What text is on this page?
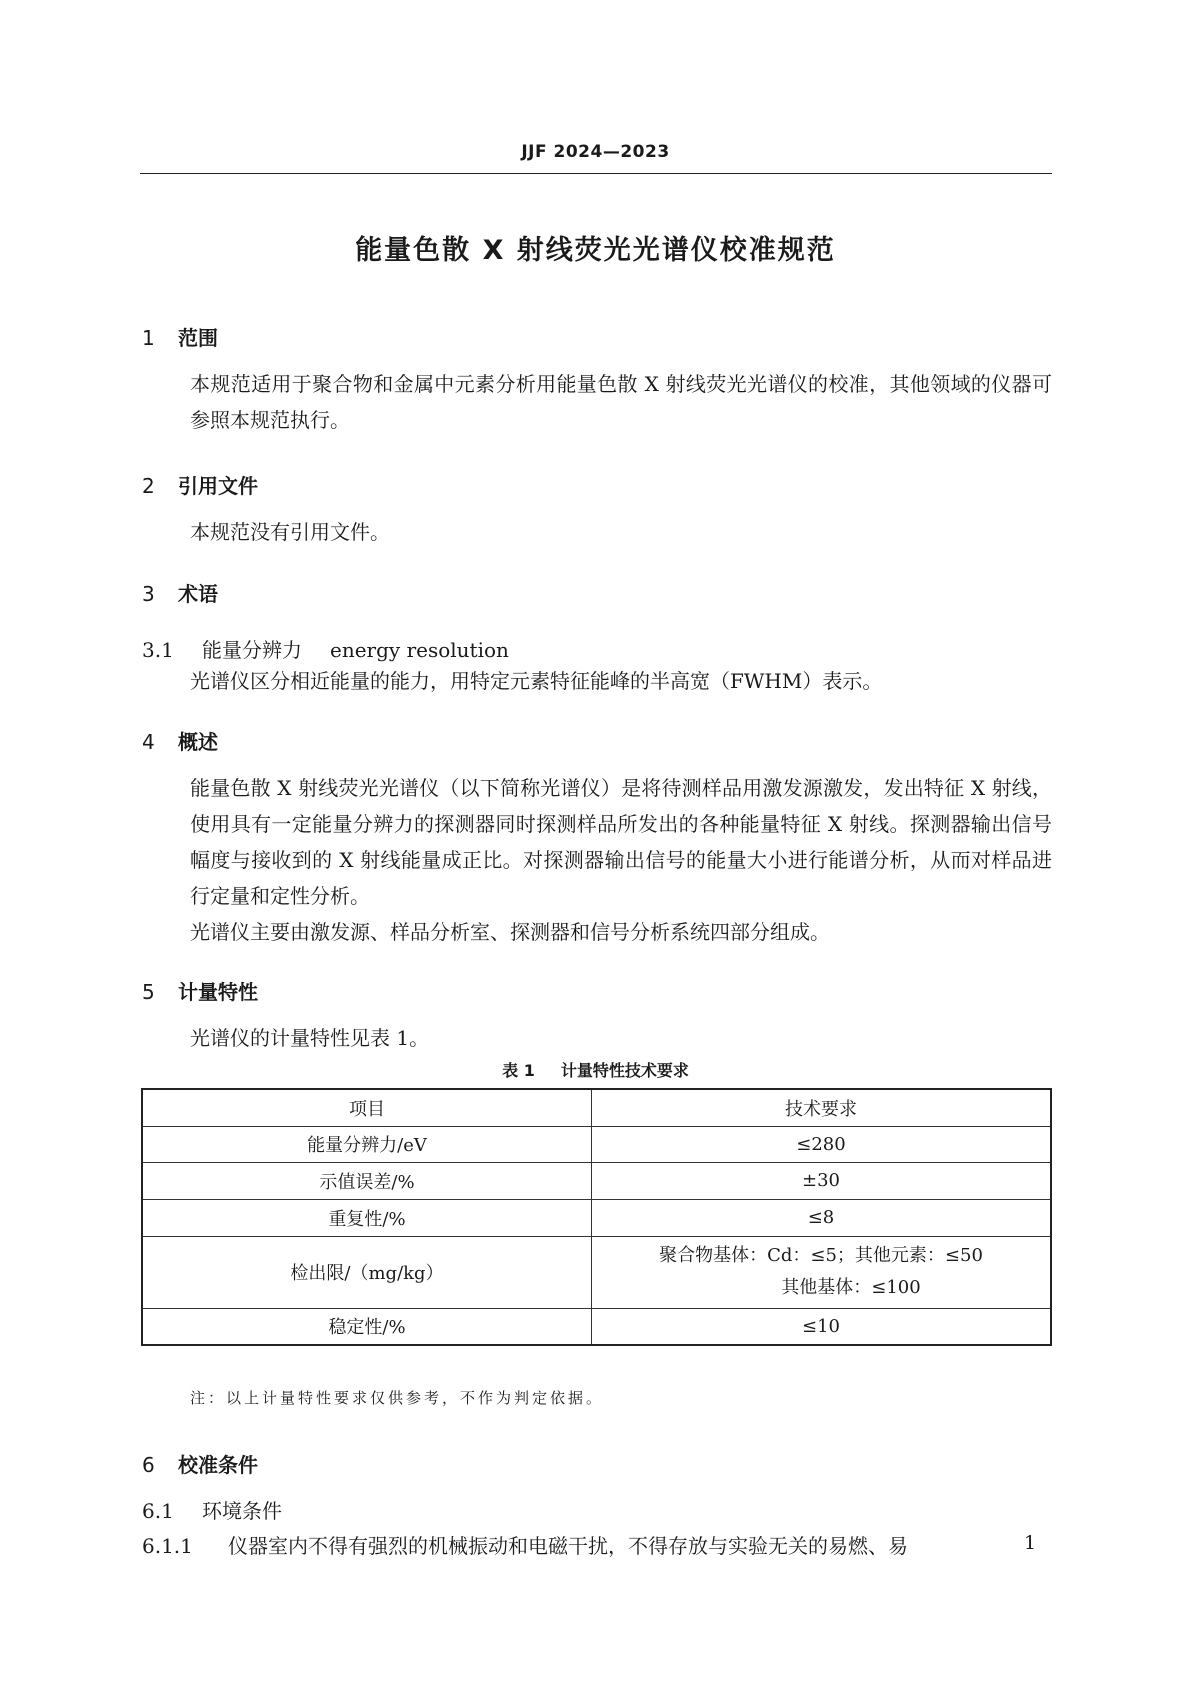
JJF 2024—2023
能量色散 X 射线荧光光谱仪校准规范
1 范围
本规范适用于聚合物和金属中元素分析用能量色散 X 射线荧光光谱仪的校准，其他领域的仪器可参照本规范执行。
2 引用文件
本规范没有引用文件。
3 术语
3.1 能量分辨力 energy resolution
光谱仪区分相近能量的能力，用特定元素特征能峰的半高宽（FWHM）表示。
4 概述
能量色散 X 射线荧光光谱仪（以下简称光谱仪）是将待测样品用激发源激发，发出特征 X 射线，使用具有一定能量分辨力的探测器同时探测样品所发出的各种能量特征 X 射线。探测器输出信号幅度与接收到的 X 射线能量成正比。对探测器输出信号的能量大小进行能谱分析，从而对样品进行定量和定性分析。
光谱仪主要由激发源、样品分析室、探测器和信号分析系统四部分组成。
5 计量特性
光谱仪的计量特性见表 1。
表 1 计量特性技术要求
项目	技术要求
能量分辨力/eV	≤280
示值误差/%	±30
重复性/%	≤8
检出限/（mg/kg）	聚合物基体：Cd：≤5；其他元素：≤50
其他基体：≤100

稳定性/%	≤10
注：以上计量特性要求仅供参考，不作为判定依据。
6 校准条件
6.1 环境条件
6.1.1 仪器室内不得有强烈的机械振动和电磁干扰，不得存放与实验无关的易燃、易	1
